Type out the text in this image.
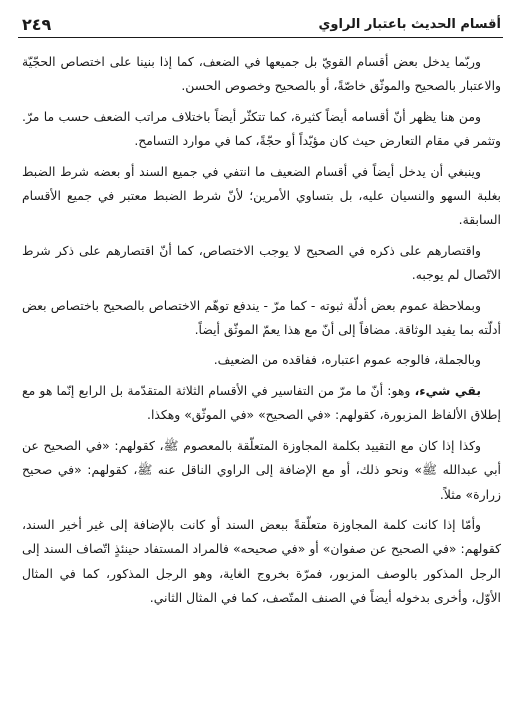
٢٤٩	أقسام الحديث باعتبار الراوي

وربّما يدخل بعض أقسام القويّ بل جميعها في الضعف، كما إذا بنينا على اختصاص الحجّيّة والاعتبار بالصحيح والموثّق خاصّةً، أو بالصحيح وخصوص الحسن.

ومن هنا يظهر أنّ أقسامه أيضاً كثيرة، كما تتكثّر أيضاً باختلاف مراتب الضعف حسب ما مرّ. وتثمر في مقام التعارض حيث كان مؤيّداً أو حجّةً، كما في موارد التسامح.

وينبغي أن يدخل أيضاً في أقسام الضعيف ما انتفي في جميع السند أو بعضه شرط الضبط بغلبة السهو والنسيان عليه، بل بتساوي الأمرين؛ لأنّ شرط الضبط معتبر في جميع الأقسام السابقة.

واقتصارهم على ذكره في الصحيح لا يوجب الاختصاص، كما أنّ اقتصارهم على ذكر شرط الاتّصال لم يوجبه.

وبملاحظة عموم بعض أدلّة ثبوته - كما مرّ - يندفع توهّم الاختصاص بالصحيح باختصاص بعض أدلّته بما يفيد الوثاقة. مضافاً إلى أنّ مع هذا يعمّ الموثّق أيضاً.

وبالجملة، فالوجه عموم اعتباره، ففاقده من الضعيف.

بقي شيء، وهو: أنّ ما مرّ من التفاسير في الأقسام الثلاثة المتقدّمة بل الرابع إنّما هو مع إطلاق الألفاظ المزبورة، كقولهم: «في الصحيح» «في الموثّق» وهكذا.

وكذا إذا كان مع التقييد بكلمة المجاوزة المتعلّقة بالمعصوم ﷺ، كقولهم: «في الصحيح عن أبي عبدالله ﷺ» ونحو ذلك، أو مع الإضافة إلى الراوي الناقل عنه ﷺ، كقولهم: «في صحيح زرارة» مثلاً.

وأمّا إذا كانت كلمة المجاوزة متعلّقةً ببعض السند أو كانت بالإضافة إلى غير أخير السند، كقولهم: «في الصحيح عن صفوان» أو «في صحيحه» فالمراد المستفاد حينئذٍ اتّصاف السند إلى الرجل المذكور بالوصف المزبور، فمرّة بخروج الغاية، وهو الرجل المذكور، كما في المثال الأوّل، وأخرى بدخوله أيضاً في الصنف المتّصف، كما في المثال الثاني.
